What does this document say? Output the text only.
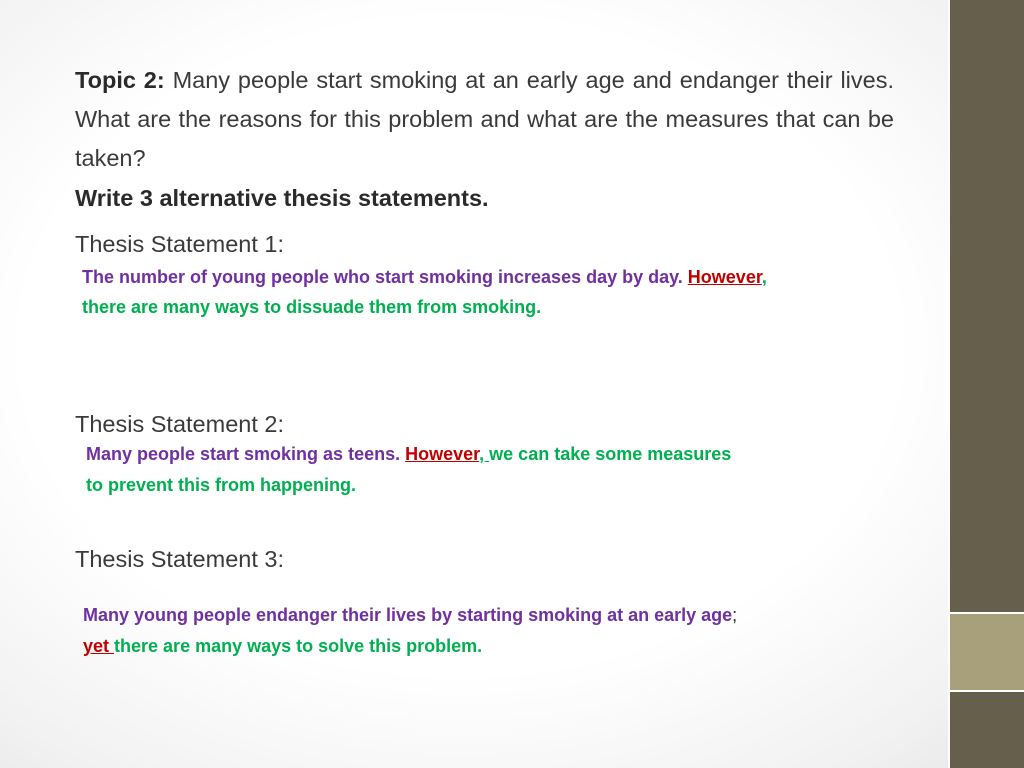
Topic 2: Many people start smoking at an early age and endanger their lives. What are the reasons for this problem and what are the measures that can be taken?

Write 3 alternative thesis statements.

Thesis Statement 1:

The number of young people who start smoking increases day by day. However,

there are many ways to dissuade them from smoking.

Thesis Statement 2:

Many people start smoking as teens. However, we can take some measures

to prevent this from happening.

Thesis Statement 3:

Many young people endanger their lives by starting smoking at an early age;

yet there are many ways to solve this problem.
